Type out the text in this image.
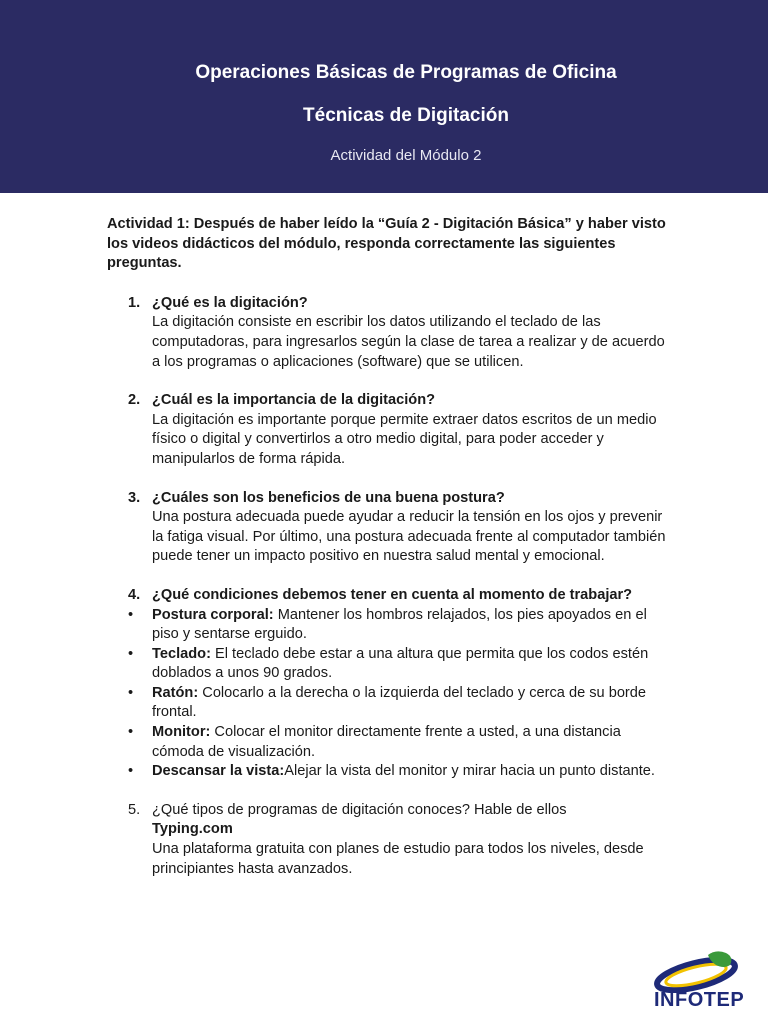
Operaciones Básicas de Programas de Oficina
Técnicas de Digitación
Actividad del Módulo 2

Actividad 1: Después de haber leído la “Guía 2 - Digitación Básica” y haber visto los videos didácticos del módulo, responda correctamente las siguientes preguntas.

1. ¿Qué es la digitación?

La digitación consiste en escribir los datos utilizando el teclado de las computadoras, para ingresarlos según la clase de tarea a realizar y de acuerdo a los programas o aplicaciones (software) que se utilicen.

2. ¿Cuál es la importancia de la digitación?

La digitación es importante porque permite extraer datos escritos de un medio físico o digital y convertirlos a otro medio digital, para poder acceder y manipularlos de forma rápida.

3. ¿Cuáles son los beneficios de una buena postura?

Una postura adecuada puede ayudar a reducir la tensión en los ojos y prevenir la fatiga visual. Por último, una postura adecuada frente al computador también puede tener un impacto positivo en nuestra salud mental y emocional.

4. ¿Qué condiciones debemos tener en cuenta al momento de trabajar?

• Postura corporal: Mantener los hombros relajados, los pies apoyados en el piso y sentarse erguido.
• Teclado: El teclado debe estar a una altura que permita que los codos estén doblados a unos 90 grados.
• Ratón: Colocarlo a la derecha o la izquierda del teclado y cerca de su borde frontal.
• Monitor: Colocar el monitor directamente frente a usted, a una distancia cómoda de visualización.
• Descansar la vista:Alejar la vista del monitor y mirar hacia un punto distante.
5. ¿Qué tipos de programas de digitación conoces? Hable de ellos

Typing.com

Una plataforma gratuita con planes de estudio para todos los niveles, desde principiantes hasta avanzados.

INFOTEP
